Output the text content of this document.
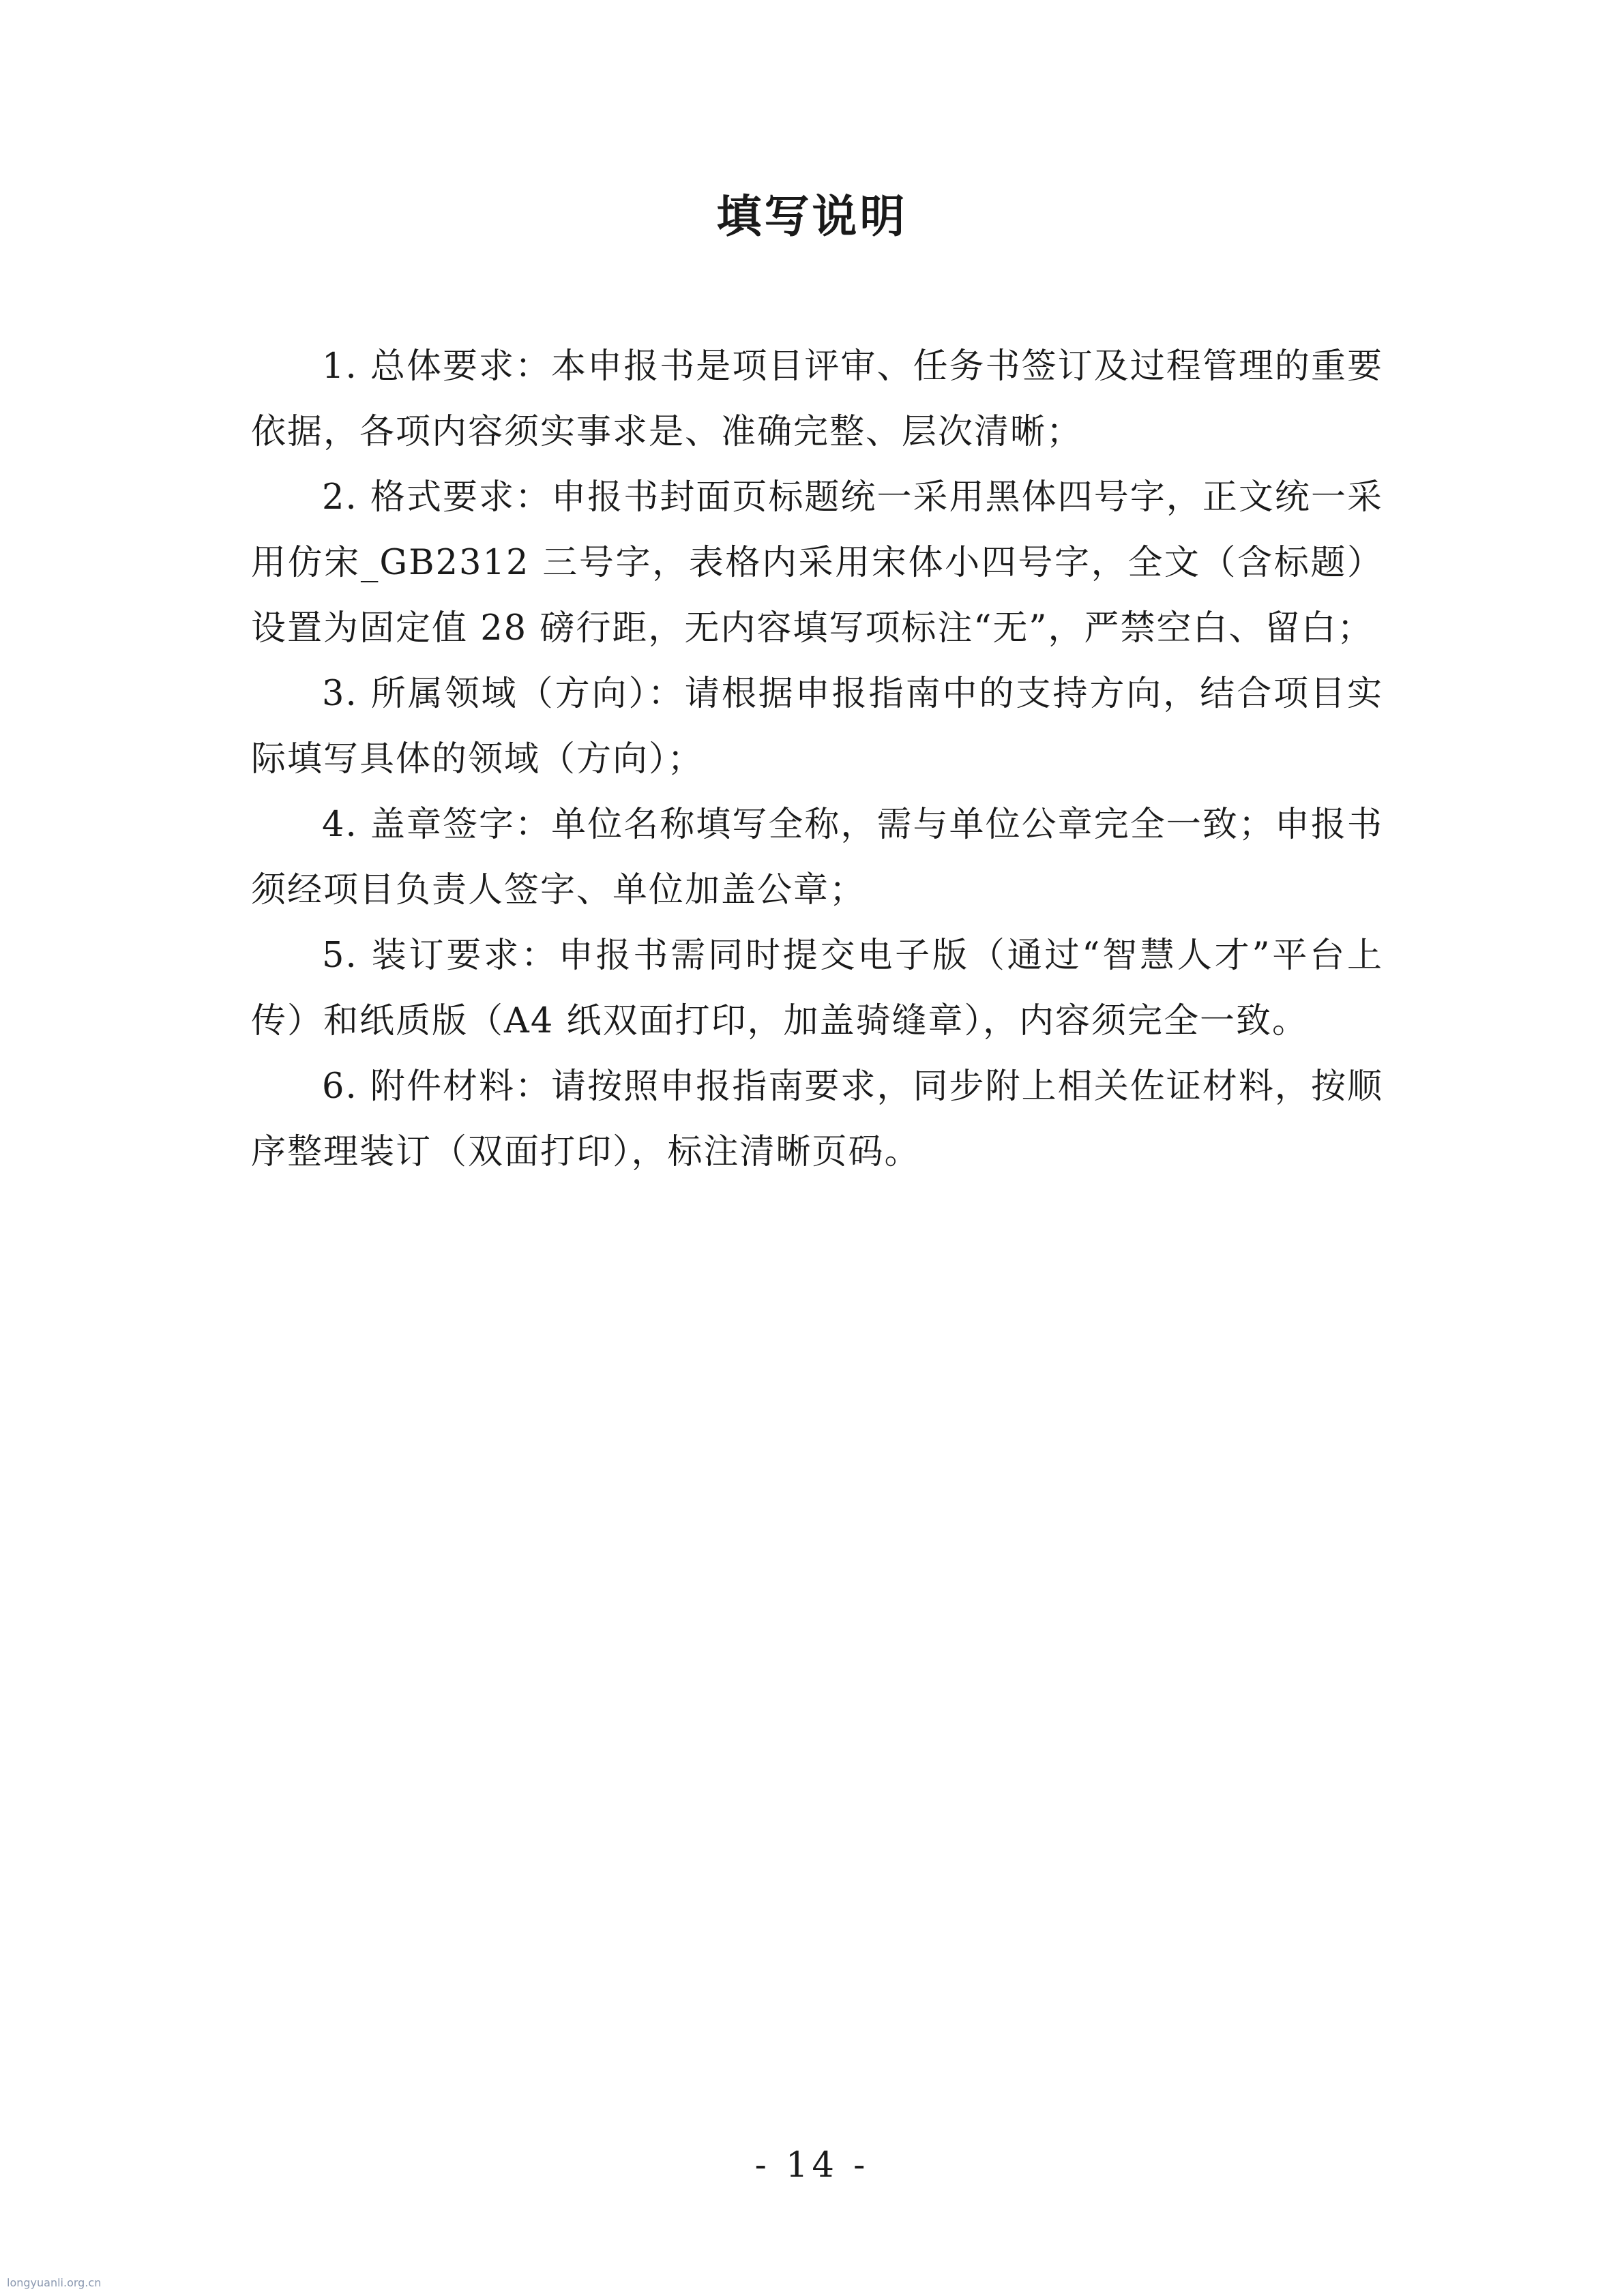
填写说明

1. 总体要求：本申报书是项目评审、任务书签订及过程管理的重要依据，各项内容须实事求是、准确完整、层次清晰；

2. 格式要求：申报书封面页标题统一采用黑体四号字，正文统一采用仿宋_GB2312 三号字，表格内采用宋体小四号字，全文（含标题）设置为固定值 28 磅行距，无内容填写项标注“无”，严禁空白、留白；

3. 所属领域（方向）：请根据申报指南中的支持方向，结合项目实际填写具体的领域（方向）；

4. 盖章签字：单位名称填写全称，需与单位公章完全一致；申报书须经项目负责人签字、单位加盖公章；

5. 装订要求：申报书需同时提交电子版（通过“智慧人才”平台上传）和纸质版（A4 纸双面打印，加盖骑缝章），内容须完全一致。

6. 附件材料：请按照申报指南要求，同步附上相关佐证材料，按顺序整理装订（双面打印），标注清晰页码。

- 14 -
longyuanli.org.cn
